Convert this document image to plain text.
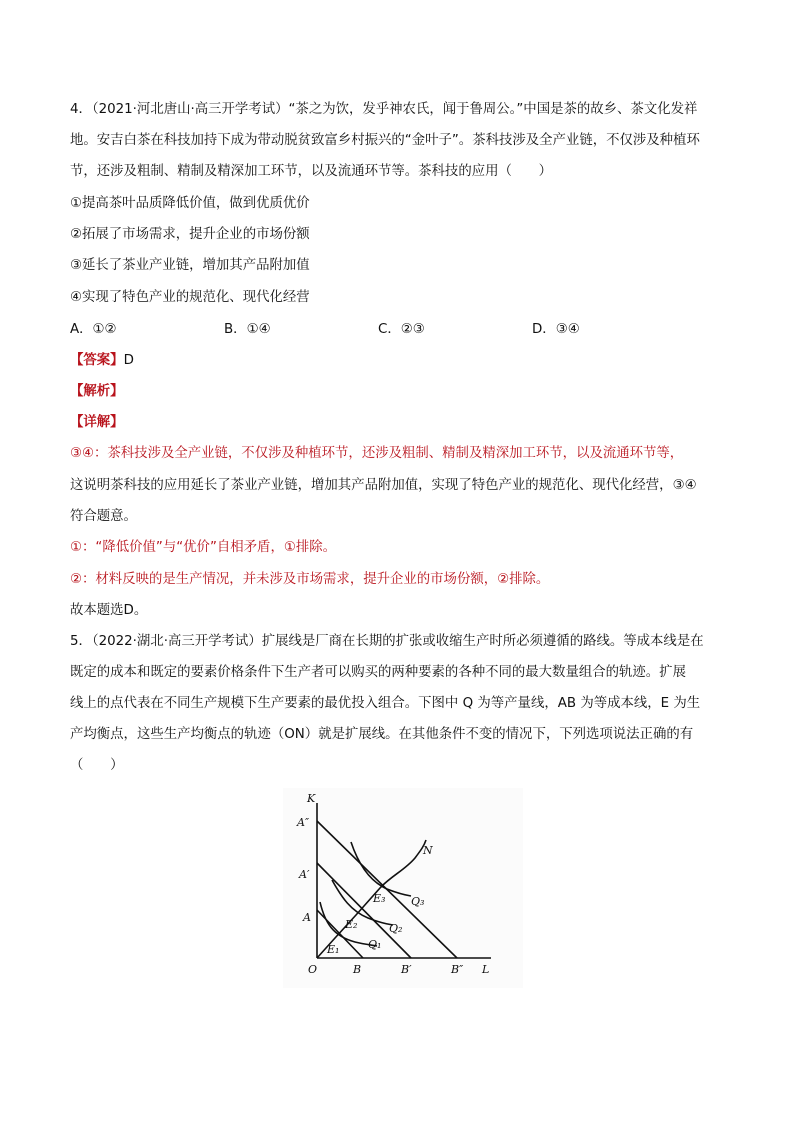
4．（2021·河北唐山·高三开学考试）“茶之为饮，发乎神农氏，闻于鲁周公。”中国是茶的故乡、茶文化发祥
地。安吉白茶在科技加持下成为带动脱贫致富乡村振兴的“金叶子”。茶科技涉及全产业链，不仅涉及种植环
节，还涉及粗制、精制及精深加工环节，以及流通环节等。茶科技的应用（　　）
①提高茶叶品质降低价值，做到优质优价
②拓展了市场需求，提升企业的市场份额
③延长了茶业产业链，增加其产品附加值
④实现了特色产业的规范化、现代化经营
A．①②	B．①④	C．②③	D．③④
【答案】D
【解析】
【详解】
③④：茶科技涉及全产业链，不仅涉及种植环节，还涉及粗制、精制及精深加工环节，以及流通环节等，
这说明茶科技的应用延长了茶业产业链，增加其产品附加值，实现了特色产业的规范化、现代化经营，③④
符合题意。
①：“降低价值”与“优价”自相矛盾，①排除。
②：材料反映的是生产情况，并未涉及市场需求，提升企业的市场份额，②排除。
故本题选D。
5．（2022·湖北·高三开学考试）扩展线是厂商在长期的扩张或收缩生产时所必须遵循的路线。等成本线是在
既定的成本和既定的要素价格条件下生产者可以购买的两种要素的各种不同的最大数量组合的轨迹。扩展
线上的点代表在不同生产规模下生产要素的最优投入组合。下图中 Q 为等产量线，AB 为等成本线，E 为生
产均衡点，这些生产均衡点的轨迹（ON）就是扩展线。在其他条件不变的情况下，下列选项说法正确的有
（　　）
K
A″
A′
A
O	B	B′	B″ L
N
E₁
E₂
E₃
Q₁
Q₂
Q₃
